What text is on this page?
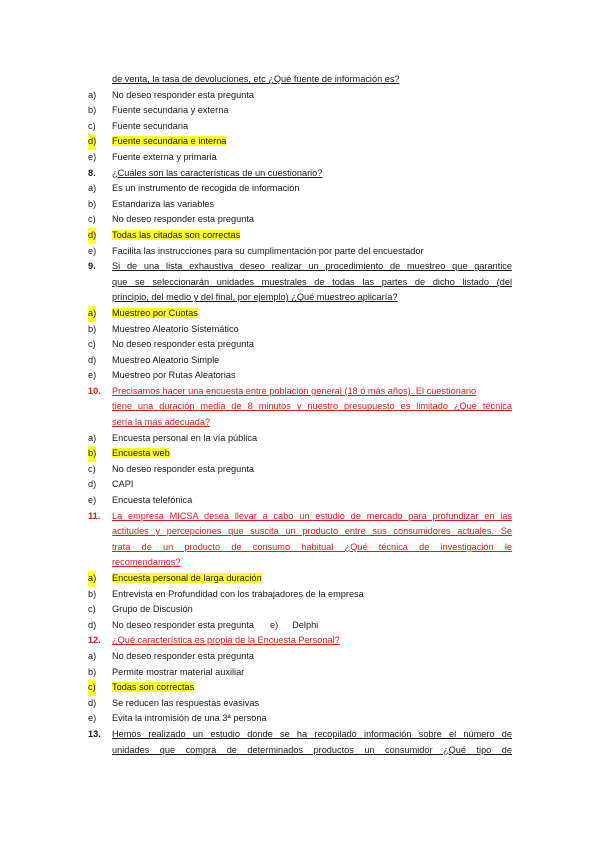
de venta, la tasa de devoluciones, etc ¿Qué fuente de información es?
a) No deseo responder esta pregunta
b) Fuente secundaria y externa
c) Fuente secundaria
d) Fuente secundaria e interna
e) Fuente externa y primaria
8. ¿Cuáles son las características de un cuestionario?
a) Es un instrumento de recogida de información
b) Estandariza las variables
c) No deseo responder esta pregunta
d) Todas las citadas son correctas
e) Facilita las instrucciones para su cumplimentación por parte del encuestador
9. Si de una lista exhaustiva deseo realizar un procedimiento de muestreo que garantice
que se seleccionarán unidades muestrales de todas las partes de dicho listado (del
principio, del medio y del final, por ejemplo) ¿Qué muestreo aplicaría?
a) Muestreo por Cuotas
b) Muestreo Aleatorio Sistemático
c) No deseo responder esta pregunta
d) Muestreo Aleatorio Simple
e) Muestreo por Rutas Aleatorias
10. Precisamos hacer una encuesta entre población general (18 ó más años). El cuestionario
tiene una duración media de 8 minutos y nuestro presupuesto es limitado ¿Qué técnica
sería la más adecuada?
a) Encuesta personal en la vía pública
b) Encuesta web
c) No deseo responder esta pregunta
d) CAPI
e) Encuesta telefónica
11. La empresa MICSA desea llevar a cabo un estudio de mercado para profundizar en las
actitudes y percepciones que suscita un producto entre sus consumidores actuales. Se
trata de un producto de consumo habitual ¿Qué técnica de investigación le
recomendamos?
a) Encuesta personal de larga duración
b) Entrevista en Profundidad con los trabajadores de la empresa
c) Grupo de Discusión
d) No deseo responder esta pregunta e) Delphi
12. ¿Qué característica es propia de la Encuesta Personal?
a) No deseo responder esta pregunta
b) Permite mostrar material auxiliar
c) Todas son correctas
d) Se reducen las respuestas evasivas
e) Evita la intromisión de una 3ª persona
13. Hemos realizado un estudio donde se ha recopilado información sobre el número de
unidades que compra de determinados productos un consumidor ¿Qué tipo de
